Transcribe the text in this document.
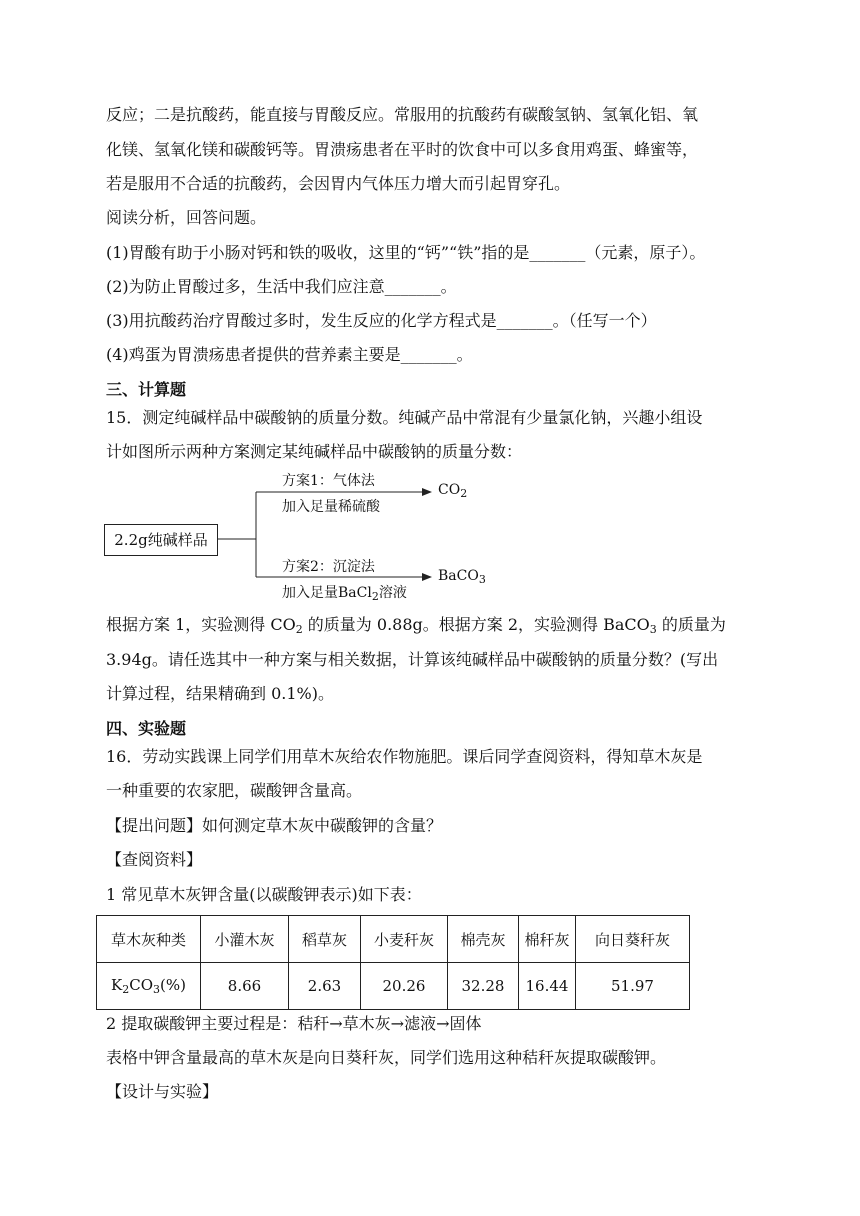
反应；二是抗酸药，能直接与胃酸反应。常服用的抗酸药有碳酸氢钠、氢氧化铝、氧
化镁、氢氧化镁和碳酸钙等。胃溃疡患者在平时的饮食中可以多食用鸡蛋、蜂蜜等，
若是服用不合适的抗酸药，会因胃内气体压力增大而引起胃穿孔。
阅读分析，回答问题。
(1)胃酸有助于小肠对钙和铁的吸收，这里的“钙”“铁”指的是_______（元素，原子）。
(2)为防止胃酸过多，生活中我们应注意_______。
(3)用抗酸药治疗胃酸过多时，发生反应的化学方程式是_______。（任写一个）
(4)鸡蛋为胃溃疡患者提供的营养素主要是_______。
三、计算题
15．测定纯碱样品中碳酸钠的质量分数。纯碱产品中常混有少量氯化钠，兴趣小组设
计如图所示两种方案测定某纯碱样品中碳酸钠的质量分数：
2.2g纯碱样品
方案1：气体法
加入足量稀硫酸
$CO_2$
方案2：沉淀法
加入足量BaCl$_2$溶液
BaCO$_3$
根据方案 1，实验测得 $CO_2$ 的质量为 0.88g。根据方案 2，实验测得 BaCO$_3$ 的质量为
3.94g。请任选其中一种方案与相关数据，计算该纯碱样品中碳酸钠的质量分数？(写出
计算过程，结果精确到 0.1%)。
四、实验题
16．劳动实践课上同学们用草木灰给农作物施肥。课后同学查阅资料，得知草木灰是
一种重要的农家肥，碳酸钾含量高。
【提出问题】如何测定草木灰中碳酸钾的含量？
【查阅资料】
1 常见草木灰钾含量(以碳酸钾表示)如下表：
草木灰种类	小灌木灰	稻草灰	小麦秆灰	棉壳灰	棉秆灰	向日葵秆灰
$K_2CO_3(\%)$	8.66	2.63	20.26	32.28	16.44	51.97
2 提取碳酸钾主要过程是：秸秆→草木灰→滤液→固体
表格中钾含量最高的草木灰是向日葵秆灰，同学们选用这种秸秆灰提取碳酸钾。
【设计与实验】
